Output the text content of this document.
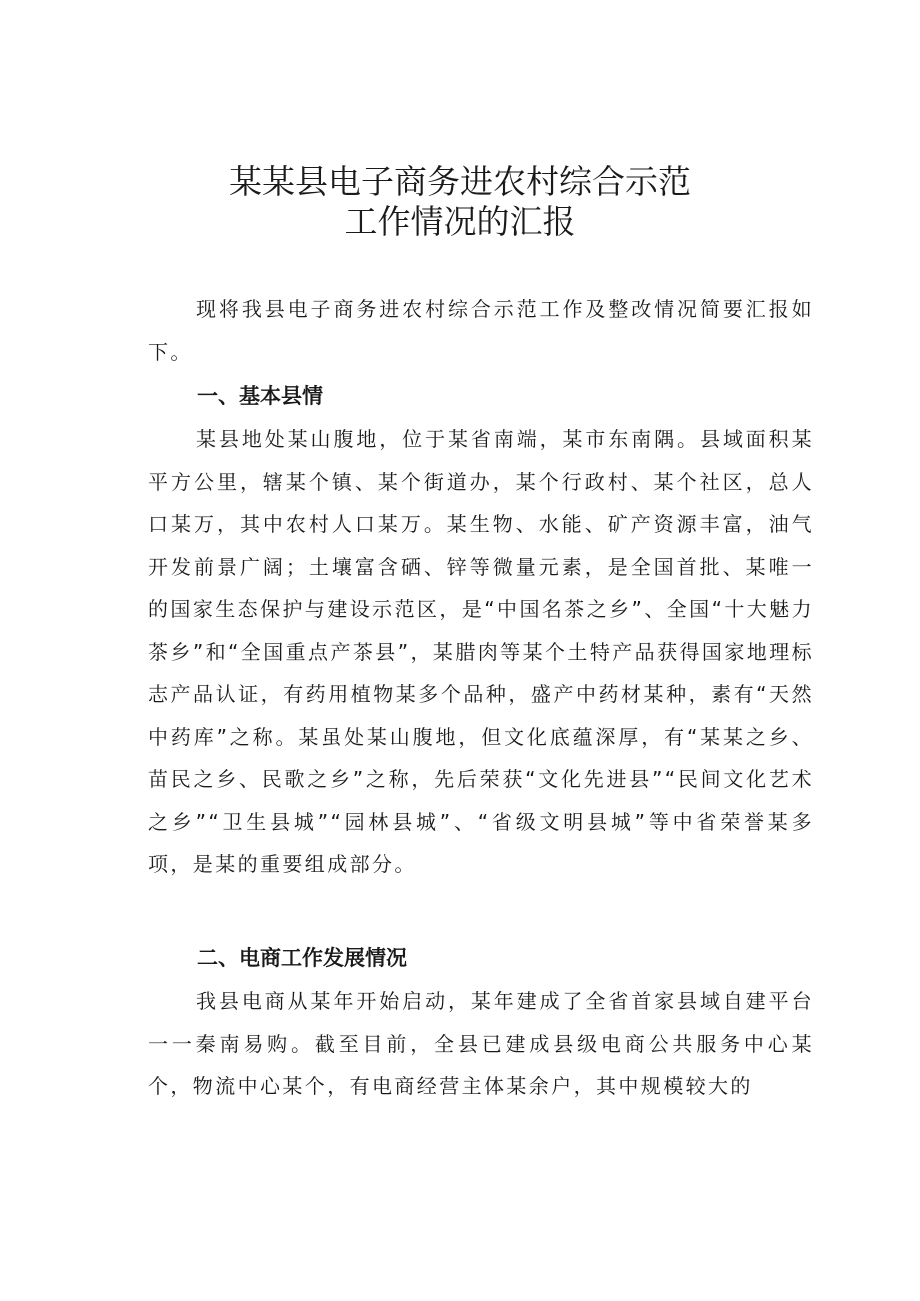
某某县电子商务进农村综合示范
工作情况的汇报

现将我县电子商务进农村综合示范工作及整改情况简要汇报如下。

一、基本县情

某县地处某山腹地，位于某省南端，某市东南隅。县域面积某平方公里，辖某个镇、某个街道办，某个行政村、某个社区，总人口某万，其中农村人口某万。某生物、水能、矿产资源丰富，油气开发前景广阔；土壤富含硒、锌等微量元素，是全国首批、某唯一的国家生态保护与建设示范区，是“中国名茶之乡”、全国“十大魅力茶乡”和“全国重点产茶县”，某腊肉等某个土特产品获得国家地理标志产品认证，有药用植物某多个品种，盛产中药材某种，素有“天然中药库”之称。某虽处某山腹地，但文化底蕴深厚，有“某某之乡、苗民之乡、民歌之乡”之称，先后荣获“文化先进县”“民间文化艺术之乡”“卫生县城”“园林县城”、“省级文明县城”等中省荣誉某多项，是某的重要组成部分。

二、电商工作发展情况

我县电商从某年开始启动，某年建成了全省首家县域自建平台一一秦南易购。截至目前，全县已建成县级电商公共服务中心某个，物流中心某个，有电商经营主体某余户，其中规模较大的
